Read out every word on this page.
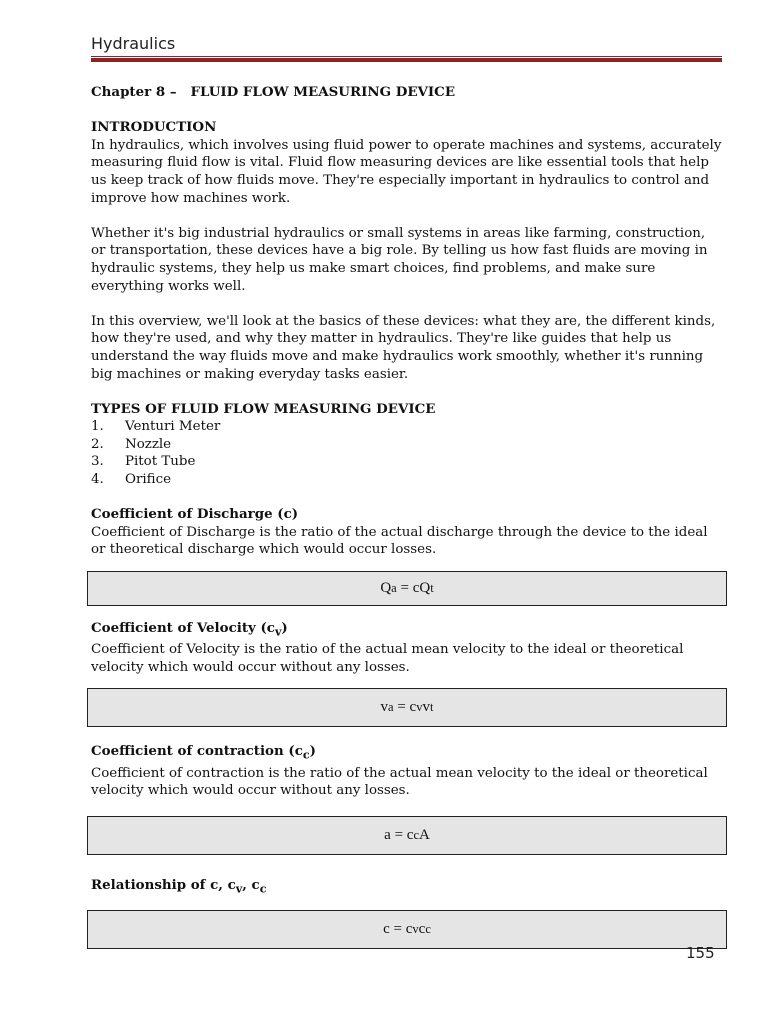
Hydraulics

Chapter 8 –   FLUID FLOW MEASURING DEVICE

INTRODUCTION

In hydraulics, which involves using fluid power to operate machines and systems, accurately measuring fluid flow is vital. Fluid flow measuring devices are like essential tools that help us keep track of how fluids move. They're especially important in hydraulics to control and improve how machines work.

Whether it's big industrial hydraulics or small systems in areas like farming, construction, or transportation, these devices have a big role. By telling us how fast fluids are moving in hydraulic systems, they help us make smart choices, find problems, and make sure everything works well.

In this overview, we'll look at the basics of these devices: what they are, the different kinds, how they're used, and why they matter in hydraulics. They're like guides that help us understand the way fluids move and make hydraulics work smoothly, whether it's running big machines or making everyday tasks easier.

TYPES OF FLUID FLOW MEASURING DEVICE

1.	Venturi Meter
2.	Nozzle
3.	Pitot Tube
4.	Orifice

Coefficient of Discharge (c)

Coefficient of Discharge is the ratio of the actual discharge through the device to the ideal or theoretical discharge which would occur losses.

Q a = cQ t

Coefficient of Velocity $(c_v)$

Coefficient of Velocity is the ratio of the actual mean velocity to the ideal or theoretical velocity which would occur without any losses.

v a = c v v t

Coefficient of contraction $(c_c)$

Coefficient of contraction is the ratio of the actual mean velocity to the ideal or theoretical velocity which would occur without any losses.

a = c c A

Relationship of c, $c_v$, $c_c$

c = c v c c
155
